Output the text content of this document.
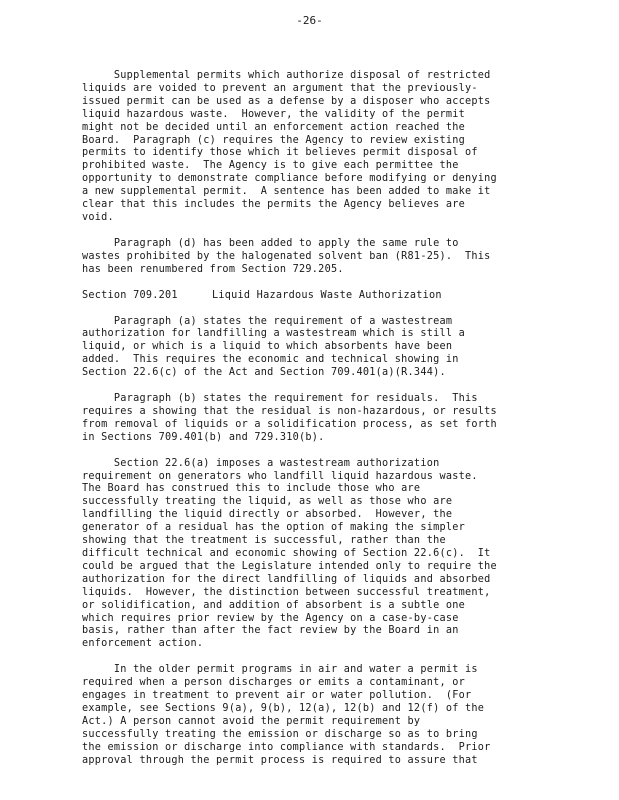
-26-

Supplemental permits which authorize disposal of restricted
liquids are voided to prevent an argument that the previously-
issued permit can be used as a defense by a disposer who accepts
liquid hazardous waste.  However, the validity of the permit
might not be decided until an enforcement action reached the
Board.  Paragraph (c) requires the Agency to review existing
permits to identify those which it believes permit disposal of
prohibited waste.  The Agency is to give each permittee the
opportunity to demonstrate compliance before modifying or denying
a new supplemental permit.  A sentence has been added to make it
clear that this includes the permits the Agency believes are
void.

Paragraph (d) has been added to apply the same rule to
wastes prohibited by the halogenated solvent ban (R81-25).  This
has been renumbered from Section 729.205.

Section 709.201	Liquid Hazardous Waste Authorization

Paragraph (a) states the requirement of a wastestream
authorization for landfilling a wastestream which is still a
liquid, or which is a liquid to which absorbents have been
added.  This requires the economic and technical showing in
Section 22.6(c) of the Act and Section 709.401(a)(R.344).

Paragraph (b) states the requirement for residuals.  This
requires a showing that the residual is non-hazardous, or results
from removal of liquids or a solidification process, as set forth
in Sections 709.401(b) and 729.310(b).

Section 22.6(a) imposes a wastestream authorization
requirement on generators who landfill liquid hazardous waste.
The Board has construed this to include those who are
successfully treating the liquid, as well as those who are
landfilling the liquid directly or absorbed.  However, the
generator of a residual has the option of making the simpler
showing that the treatment is successful, rather than the
difficult technical and economic showing of Section 22.6(c).  It
could be argued that the Legislature intended only to require the
authorization for the direct landfilling of liquids and absorbed
liquids.  However, the distinction between successful treatment,
or solidification, and addition of absorbent is a subtle one
which requires prior review by the Agency on a case-by-case
basis, rather than after the fact review by the Board in an
enforcement action.

In the older permit programs in air and water a permit is
required when a person discharges or emits a contaminant, or
engages in treatment to prevent air or water pollution.  (For
example, see Sections 9(a), 9(b), 12(a), 12(b) and 12(f) of the
Act.) A person cannot avoid the permit requirement by
successfully treating the emission or discharge so as to bring
the emission or discharge into compliance with standards.  Prior
approval through the permit process is required to assure that
